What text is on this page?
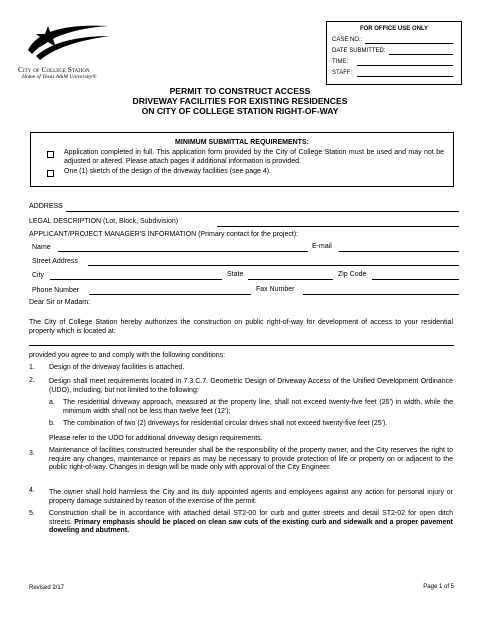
City of College Station
Home of Texas A&M University®
FOR OFFICE USE ONLY
CASE NO.:
DATE SUBMITTED:
TIME:
STAFF:
PERMIT TO CONSTRUCT ACCESS
DRIVEWAY FACILITIES FOR EXISTING RESIDENCES
ON CITY OF COLLEGE STATION RIGHT-OF-WAY
MINIMUM SUBMITTAL REQUIREMENTS:

Application completed in full. This application form provided by the City of College Station must be used and may not be adjusted or altered. Please attach pages if additional information is provided.

One (1) sketch of the design of the driveway facilities (see page 4).

ADDRESS
LEGAL DESCRIPTION (Lot, Block, Subdivision)
APPLICANT/PROJECT MANAGER'S INFORMATION (Primary contact for the project):
Name	E-mail
Street Address
City	State	Zip Code
Phone Number	Fax Number
Dear Sir or Madam:

The City of College Station hereby authorizes the construction on public right-of-way for development of access to your residential property which is located at:

provided you agree to and comply with the following conditions:
1. Design of the driveway facilities is attached.
2. Design shall meet requirements located in 7.3.C.7. Geometric Design of Driveway Access of the Unified Development Ordinance (UDO), including, but not limited to the following:

a. The residential driveway approach, measured at the property line, shall not exceed twenty-five feet (25') in width, while the minimum width shall not be less than twelve feet (12');

b. The combination of two (2) driveways for residential circular drives shall not exceed twenty-five feet (25').
Please refer to the UDO for additional driveway design requirements.
3. Maintenance of facilities constructed hereunder shall be the responsibility of the property owner, and the City reserves the right to require any changes, maintenance or repairs as may be necessary to provide protection of life or property on or adjacent to the public right-of-way. Changes in design will be made only with approval of the City Engineer.

4. The owner shall hold harmless the City and its duly appointed agents and employees against any action for personal injury or property damage sustained by reason of the exercise of the permit.

5. Construction shall be in accordance with attached detail ST2-00 for curb and gutter streets and detail ST2-02 for open ditch streets. Primary emphasis should be placed on clean saw cuts of the existing curb and sidewalk and a proper pavement doweling and abutment.

Revised 2/17	Page 1 of 5
